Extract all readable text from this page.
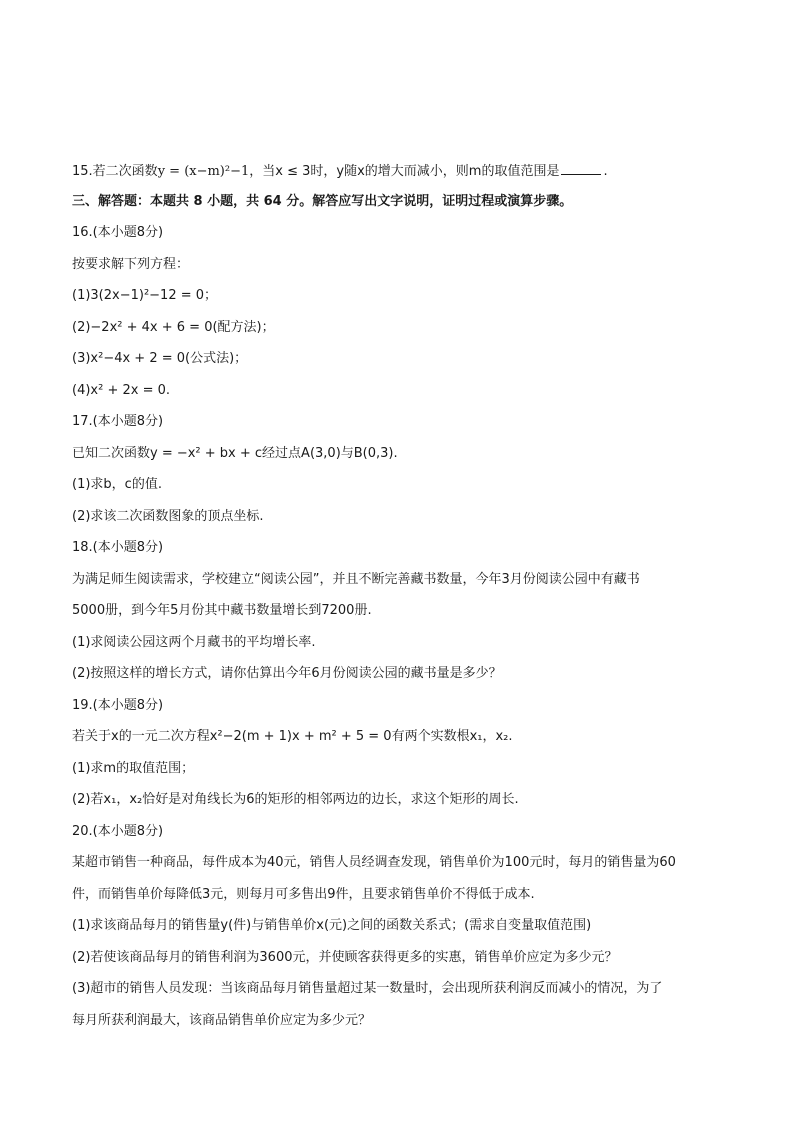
15.若二次函数y = (x−m)²−1，当x ≤ 3时，y随x的增大而减小，则m的取值范围是	.
三、解答题：本题共 8 小题，共 64 分。解答应写出文字说明，证明过程或演算步骤。
16.(本小题8分)
按要求解下列方程：
(1)3(2x−1)²−12 = 0；
(2)−2x² + 4x + 6 = 0(配方法)；
(3)x²−4x + 2 = 0(公式法)；
(4)x² + 2x = 0.
17.(本小题8分)
已知二次函数y = −x² + bx + c经过点A(3,0)与B(0,3).
(1)求b，c的值.
(2)求该二次函数图象的顶点坐标.
18.(本小题8分)
为满足师生阅读需求，学校建立“阅读公园”，并且不断完善藏书数量，今年3月份阅读公园中有藏书
5000册，到今年5月份其中藏书数量增长到7200册.
(1)求阅读公园这两个月藏书的平均增长率.
(2)按照这样的增长方式，请你估算出今年6月份阅读公园的藏书量是多少？
19.(本小题8分)
若关于x的一元二次方程x²−2(m + 1)x + m² + 5 = 0有两个实数根x₁，x₂.
(1)求m的取值范围；
(2)若x₁，x₂恰好是对角线长为6的矩形的相邻两边的边长，求这个矩形的周长.
20.(本小题8分)
某超市销售一种商品，每件成本为40元，销售人员经调查发现，销售单价为100元时，每月的销售量为60
件，而销售单价每降低3元，则每月可多售出9件，且要求销售单价不得低于成本.
(1)求该商品每月的销售量y(件)与销售单价x(元)之间的函数关系式；(需求自变量取值范围)
(2)若使该商品每月的销售利润为3600元，并使顾客获得更多的实惠，销售单价应定为多少元？
(3)超市的销售人员发现：当该商品每月销售量超过某一数量时，会出现所获利润反而减小的情况，为了
每月所获利润最大，该商品销售单价应定为多少元？
